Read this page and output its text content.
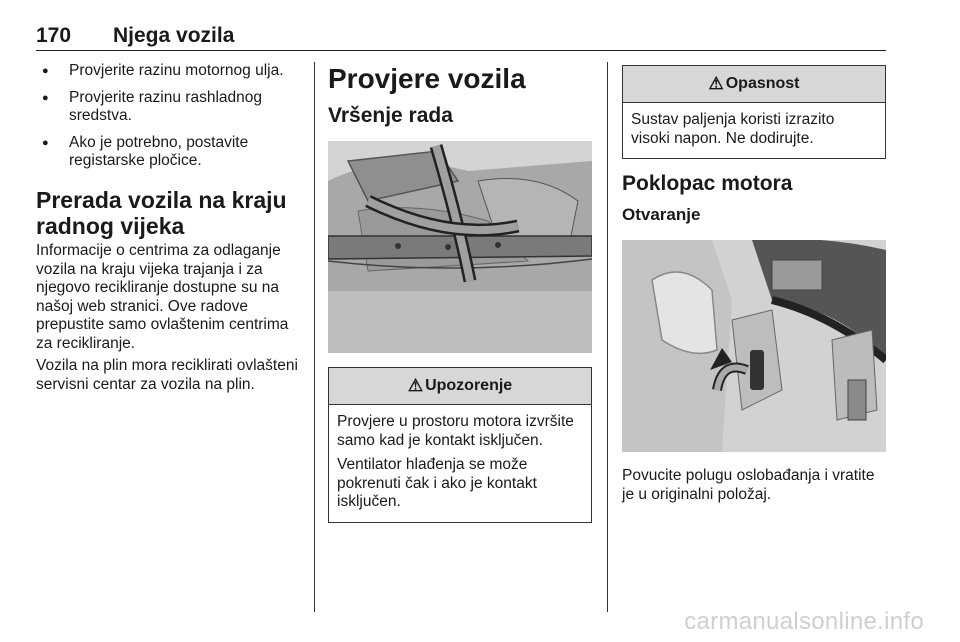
170 Njega vozila
● Provjerite razinu motornog ulja.
● Provjerite razinu rashladnog sredstva.
● Ako je potrebno, postavite registarske pločice.
Prerada vozila na kraju radnog vijeka

Informacije o centrima za odlaganje vozila na kraju vijeka trajanja i za njegovo recikliranje dostupne su na našoj web stranici. Ove radove prepustite samo ovlaštenim centrima za recikliranje.

Vozila na plin mora reciklirati ovlašteni servisni centar za vozila na plin.

Provjere vozila
Vršenje rada
⚠ Upozorenje

Provjere u prostoru motora izvršite samo kad je kontakt isključen.

Ventilator hlađenja se može pokrenuti čak i ako je kontakt isključen.

⚠ Opasnost

Sustav paljenja koristi izrazito visoki napon. Ne dodirujte.

Poklopac motora
Otvaranje

Povucite polugu oslobađanja i vratite je u originalni položaj.

carmanualsonline.info
